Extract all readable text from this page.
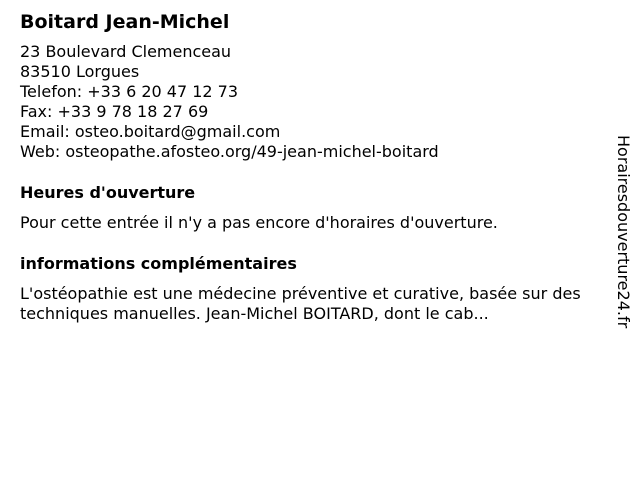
Boitard Jean-Michel
23 Boulevard Clemenceau
83510 Lorgues
Telefon: +33 6 20 47 12 73
Fax: +33 9 78 18 27 69
Email: osteo.boitard@gmail.com
Web: osteopathe.afosteo.org/49-jean-michel-boitard
Heures d'ouverture
Pour cette entrée il n'y a pas encore d'horaires d'ouverture.
informations complémentaires
L'ostéopathie est une médecine préventive et curative, basée sur des techniques manuelles. Jean-Michel BOITARD, dont le cab...	Horairesdouverture24.fr
